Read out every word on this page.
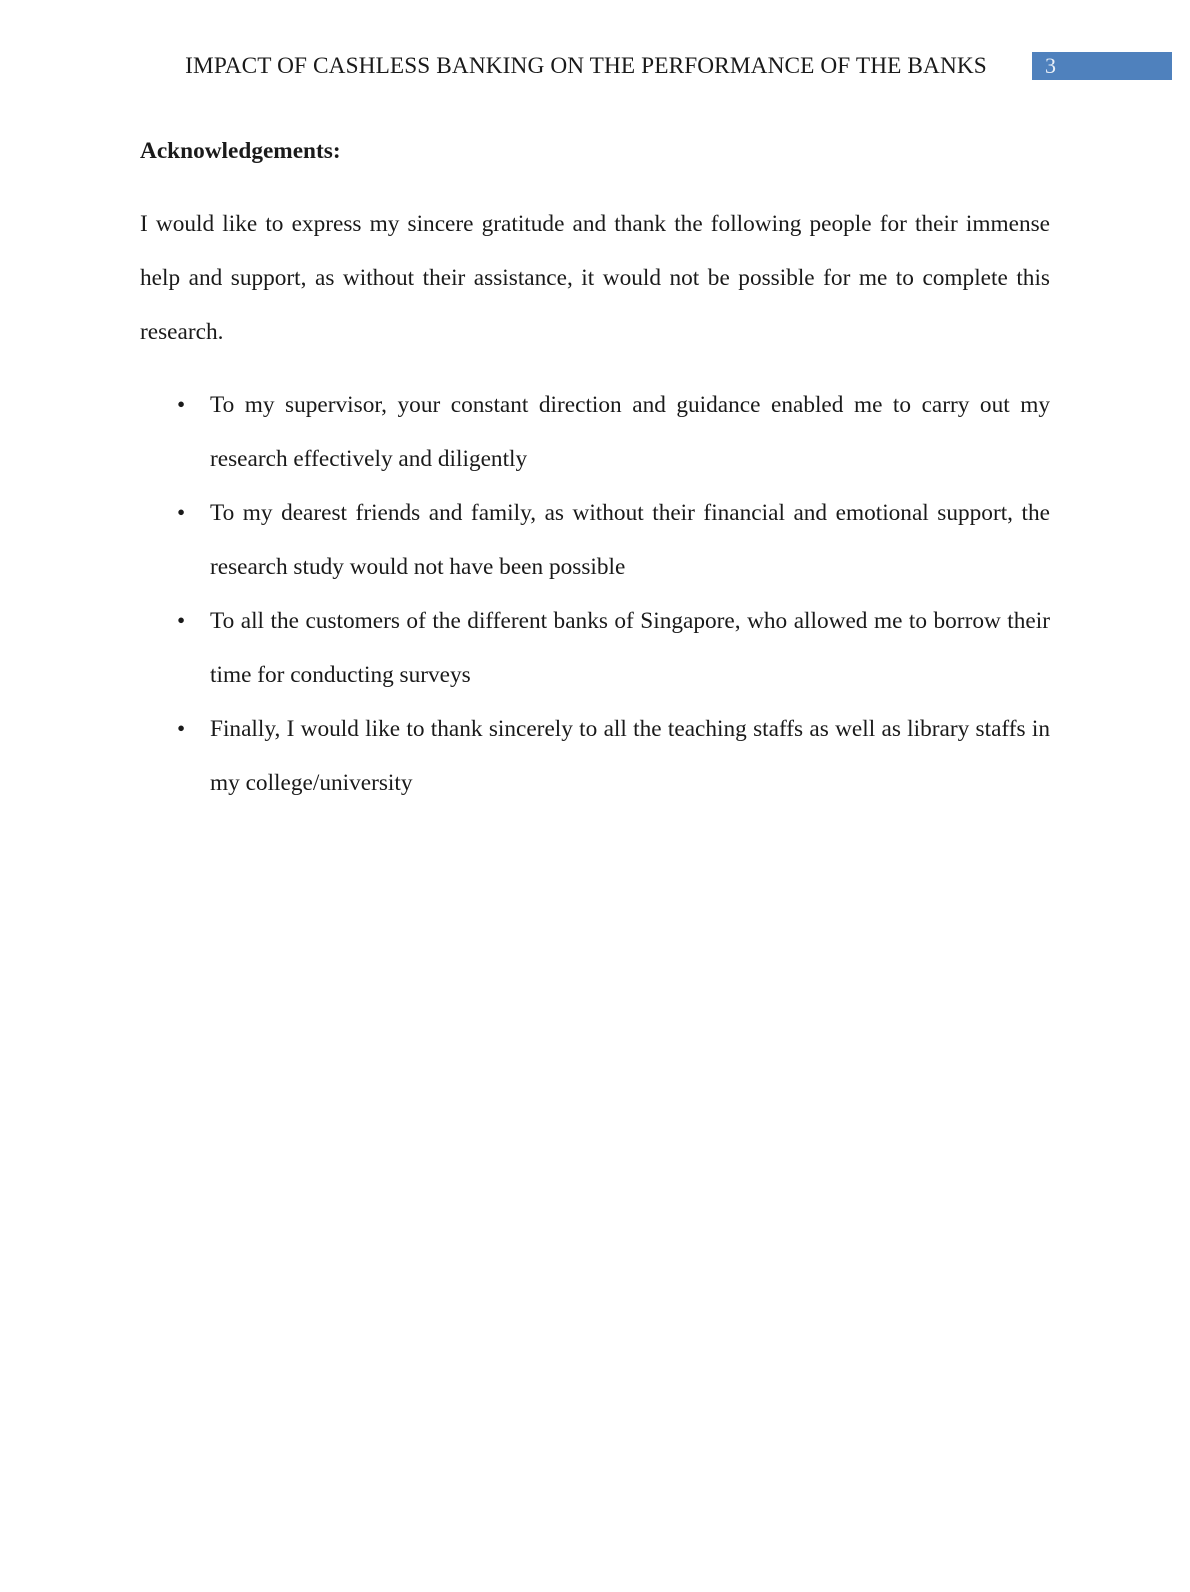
IMPACT OF CASHLESS BANKING ON THE PERFORMANCE OF THE BANKS	3
Acknowledgements:

I would like to express my sincere gratitude and thank the following people for their immense help and support, as without their assistance, it would not be possible for me to complete this research.

• To my supervisor, your constant direction and guidance enabled me to carry out my research effectively and diligently
• To my dearest friends and family, as without their financial and emotional support, the research study would not have been possible
• To all the customers of the different banks of Singapore, who allowed me to borrow their time for conducting surveys
• Finally, I would like to thank sincerely to all the teaching staffs as well as library staffs in my college/university
